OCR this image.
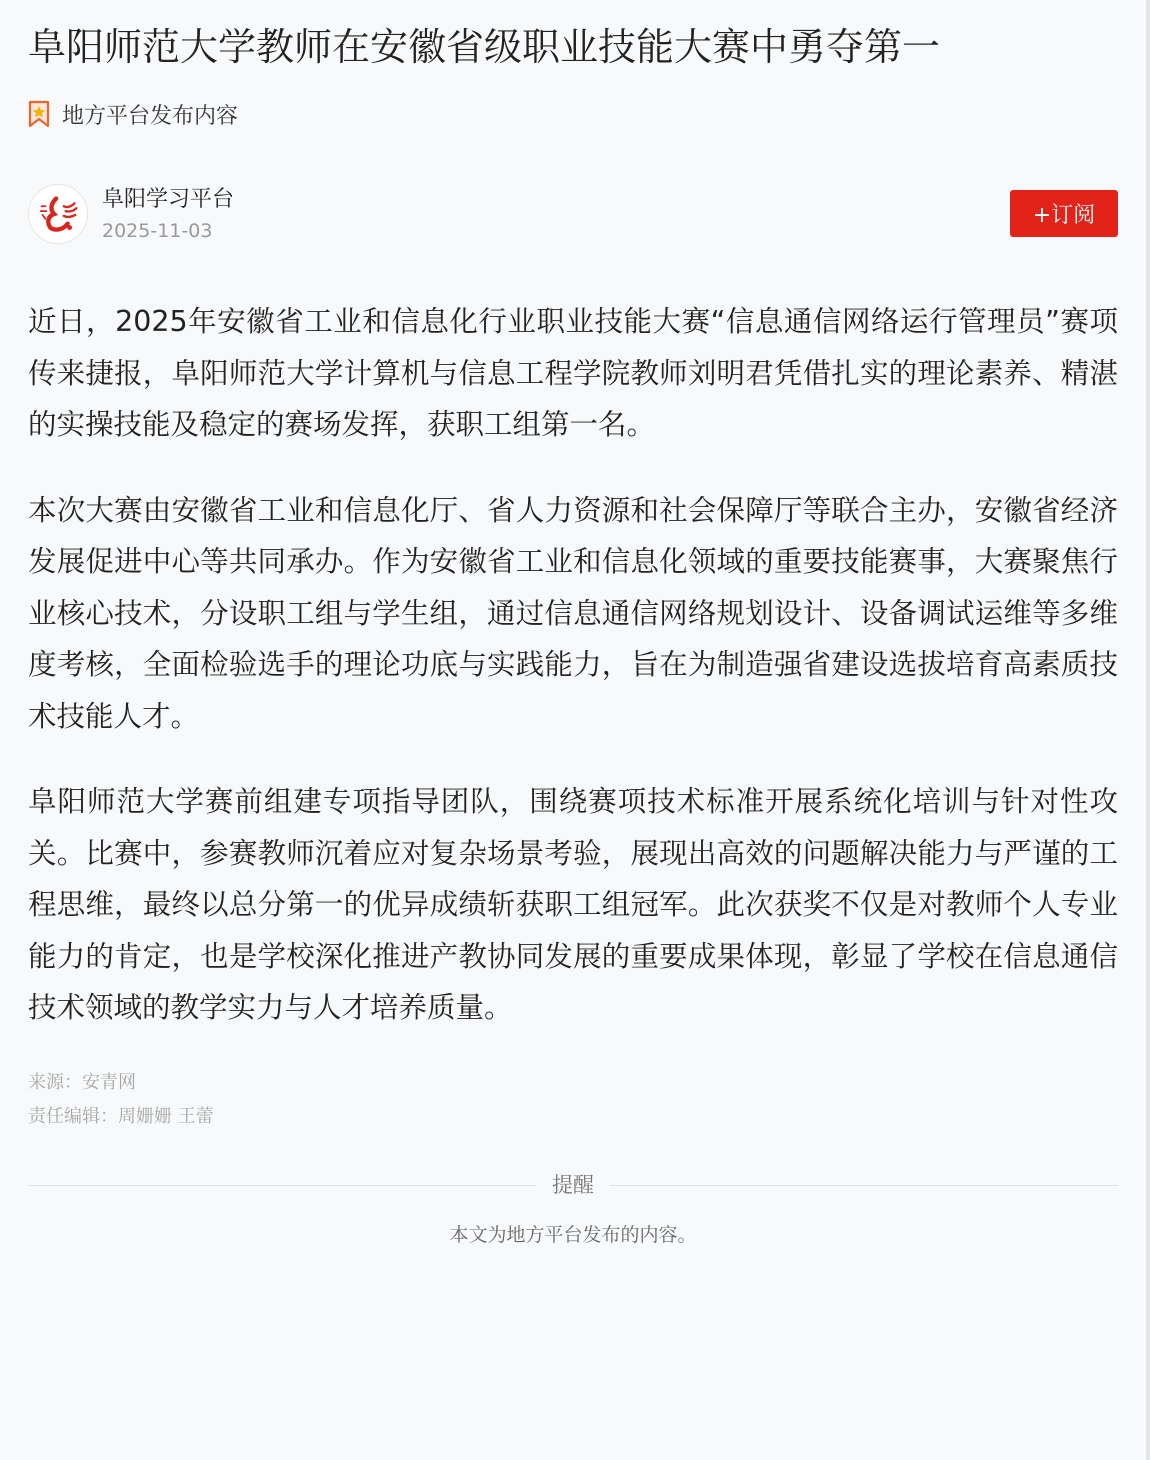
阜阳师范大学教师在安徽省级职业技能大赛中勇夺第一
地方平台发布内容
阜阳学习平台
2025-11-03
+订阅

近日，2025年安徽省工业和信息化行业职业技能大赛“信息通信网络运行管理员”赛项传来捷报，阜阳师范大学计算机与信息工程学院教师刘明君凭借扎实的理论素养、精湛的实操技能及稳定的赛场发挥，获职工组第一名。

本次大赛由安徽省工业和信息化厅、省人力资源和社会保障厅等联合主办，安徽省经济发展促进中心等共同承办。作为安徽省工业和信息化领域的重要技能赛事，大赛聚焦行业核心技术，分设职工组与学生组，通过信息通信网络规划设计、设备调试运维等多维度考核，全面检验选手的理论功底与实践能力，旨在为制造强省建设选拔培育高素质技术技能人才。

阜阳师范大学赛前组建专项指导团队，围绕赛项技术标准开展系统化培训与针对性攻关。比赛中，参赛教师沉着应对复杂场景考验，展现出高效的问题解决能力与严谨的工程思维，最终以总分第一的优异成绩斩获职工组冠军。此次获奖不仅是对教师个人专业能力的肯定，也是学校深化推进产教协同发展的重要成果体现，彰显了学校在信息通信技术领域的教学实力与人才培养质量。

来源：安青网
责任编辑：周姗姗 王蕾
提醒
本文为地方平台发布的内容。
